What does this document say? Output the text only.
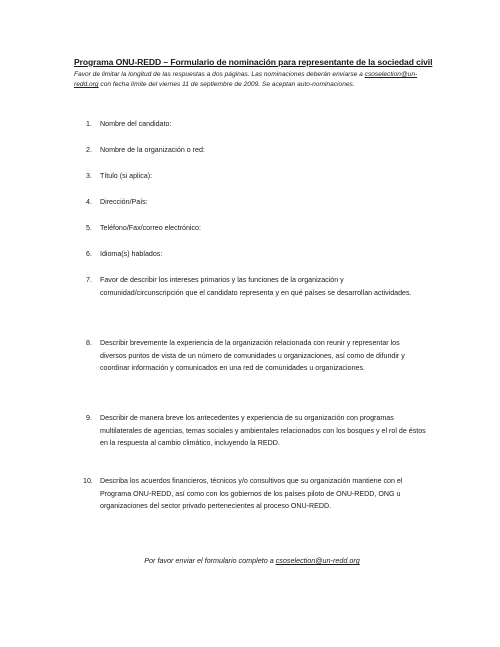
Programa ONU-REDD – Formulario de nominación para representante de la sociedad civil

Favor de limitar la longitud de las respuestas a dos páginas. Las nominaciones deberán enviarse a csoselection@un-redd.org con fecha límite del viernes 11 de septiembre de 2009. Se aceptan auto-nominaciones.

1.	Nombre del candidato:
2.	Nombre de la organización o red:
3.	Título (si aplica):
4.	Dirección/País:
5.	Teléfono/Fax/correo electrónico:
6.	Idioma(s) hablados:
7.	Favor de describir los intereses primarios y las funciones de la organización y comunidad/circunscripción que el candidato representa y en qué países se desarrollan actividades.
8.	Describir brevemente la experiencia de la organización relacionada con reunir y representar los diversos puntos de vista de un número de comunidades u organizaciones, así como de difundir y coordinar información y comunicados en una red de comunidades u organizaciones.
9.	Describir de manera breve los antecedentes y experiencia de su organización con programas multilaterales de agencias, temas sociales y ambientales relacionados con los bosques y el rol de éstos en la respuesta al cambio climático, incluyendo la REDD.
10.	Describa los acuerdos financieros, técnicos y/o consultivos que su organización mantiene con el Programa ONU-REDD, así como con los gobiernos de los países piloto de ONU-REDD, ONG u organizaciones del sector privado pertenecientes al proceso ONU-REDD.

Por favor enviar el formulario completo a csoselection@un-redd.org
